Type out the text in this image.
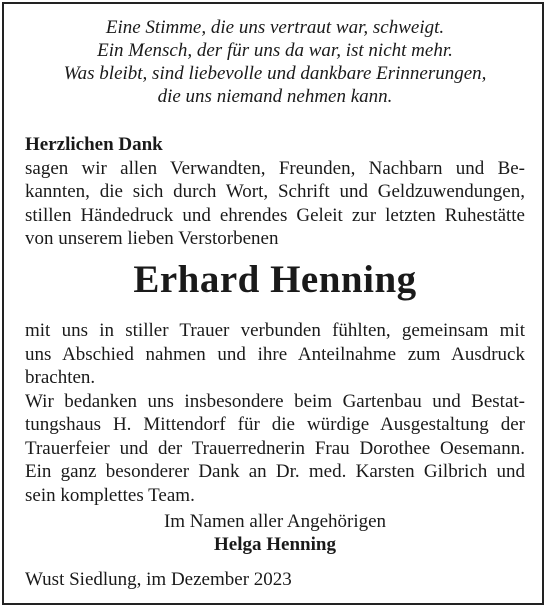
Eine Stimme, die uns vertraut war, schweigt.
Ein Mensch, der für uns da war, ist nicht mehr.
Was bleibt, sind liebevolle und dankbare Erinnerungen,
die uns niemand nehmen kann.
Herzlichen Dank
sagen wir allen Verwandten, Freunden, Nachbarn und Be-
kannten, die sich durch Wort, Schrift und Geldzuwendungen,
stillen Händedruck und ehrendes Geleit zur letzten Ruhestätte
von unserem lieben Verstorbenen
Erhard Henning
mit uns in stiller Trauer verbunden fühlten, gemeinsam mit
uns Abschied nahmen und ihre Anteilnahme zum Ausdruck
brachten.
Wir bedanken uns insbesondere beim Gartenbau und Bestat-
tungshaus H. Mittendorf für die würdige Ausgestaltung der
Trauerfeier und der Trauerrednerin Frau Dorothee Oesemann.
Ein ganz besonderer Dank an Dr. med. Karsten Gilbrich und
sein komplettes Team.
Im Namen aller Angehörigen
Helga Henning
Wust Siedlung, im Dezember 2023
